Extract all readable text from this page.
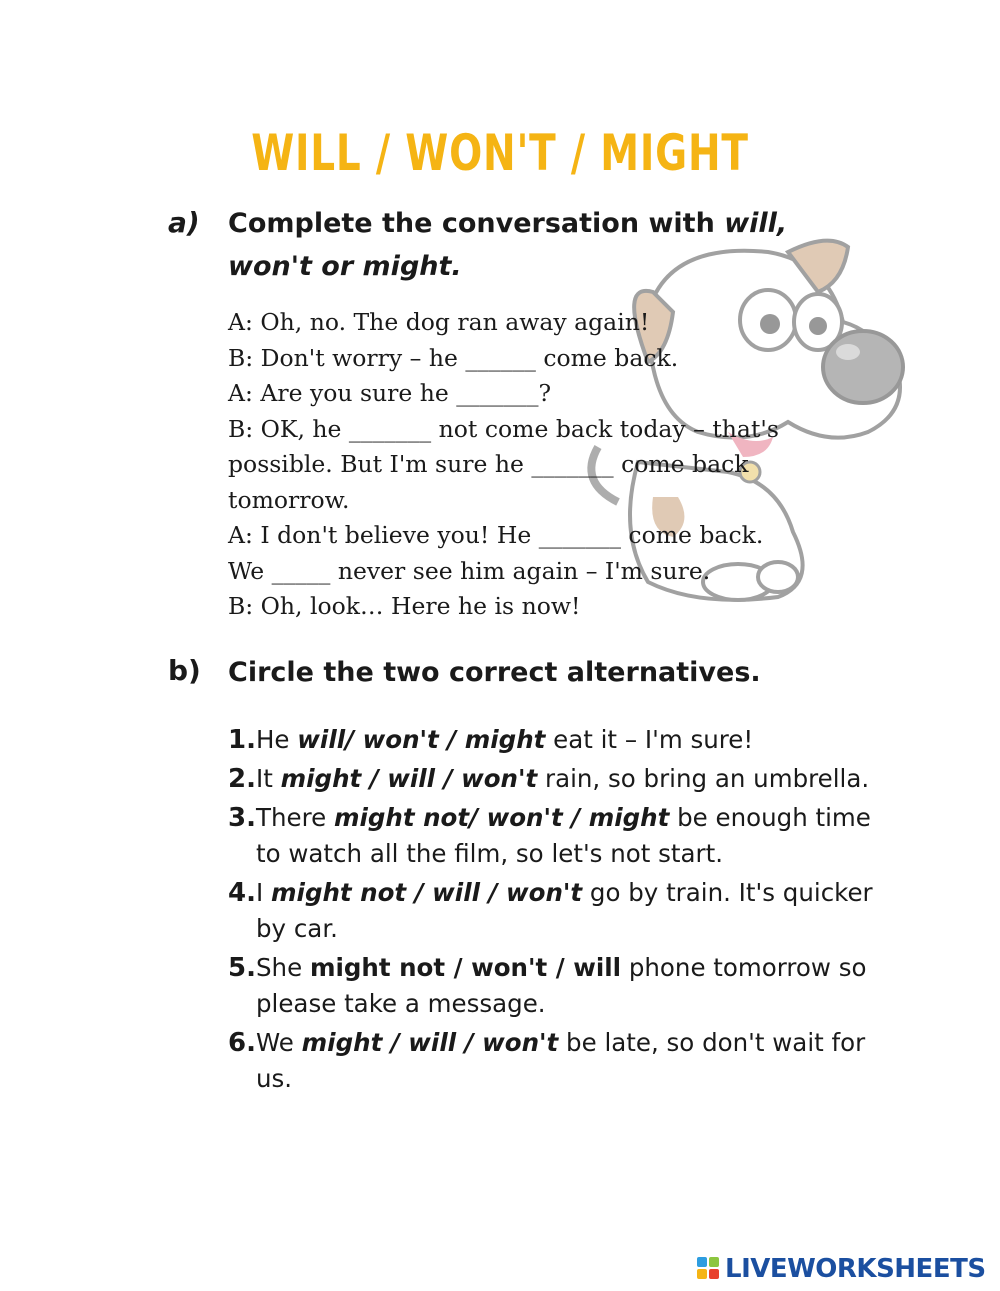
WILL / WON'T / MIGHT
a) Complete the conversation with will, won't or might.
A: Oh, no. The dog ran away again!
B: Don't worry – he ______ come back.
A: Are you sure he _______?
B: OK, he _______ not come back today – that's
possible. But I'm sure he _______ come back
tomorrow.
A: I don't believe you! He _______ come back.
We _____ never see him again – I'm sure.
B: Oh, look… Here he is now!
b) Circle the two correct alternatives.
1. He will/ won't / might eat it – I'm sure!
2. It might / will / won't rain, so bring an umbrella.
3. There might not/ won't / might be enough time to watch all the film, so let's not start.
4. I might not / will / won't go by train. It's quicker by car.
5. She might not / won't / will phone tomorrow so please take a message.
6. We might / will / won't be late, so don't wait for us.
LIVEWORKSHEETS
